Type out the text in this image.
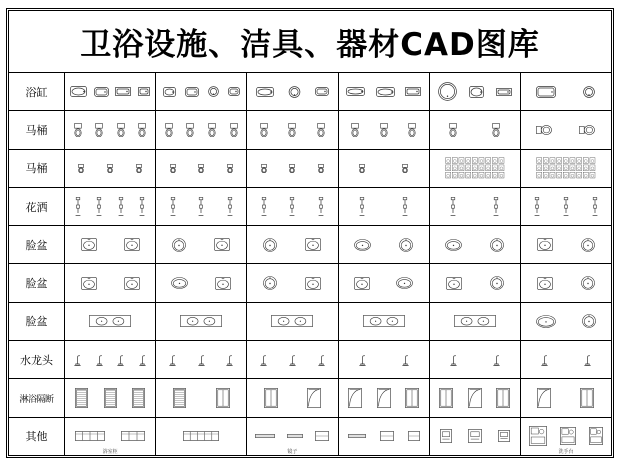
卫浴设施、洁具、器材CAD图库
浴缸
马桶
马桶
花洒
脸盆
脸盆
脸盆
水龙头
淋浴隔断
其他
浴室柜	镜子	洗手台
